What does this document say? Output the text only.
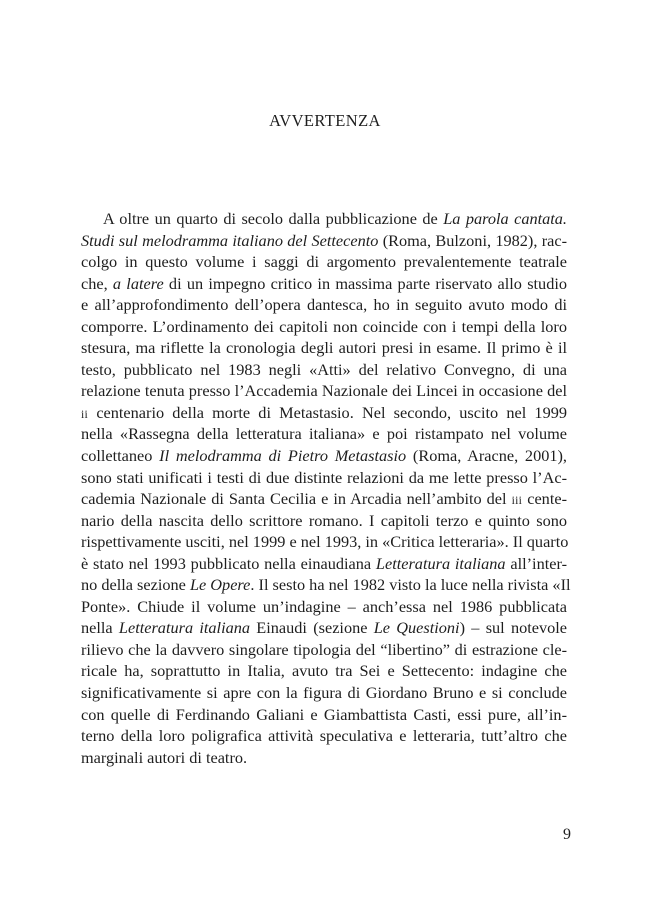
AVVERTENZA
A oltre un quarto di secolo dalla pubblicazione de La parola cantata.
Studi sul melodramma italiano del Settecento (Roma, Bulzoni, 1982), rac-
colgo in questo volume i saggi di argomento prevalentemente teatrale
che, a latere di un impegno critico in massima parte riservato allo studio
e all’approfondimento dell’opera dantesca, ho in seguito avuto modo di
comporre. L’ordinamento dei capitoli non coincide con i tempi della loro
stesura, ma riflette la cronologia degli autori presi in esame. Il primo è il
testo, pubblicato nel 1983 negli «Atti» del relativo Convegno, di una
relazione tenuta presso l’Accademia Nazionale dei Lincei in occasione del
ii centenario della morte di Metastasio. Nel secondo, uscito nel 1999
nella «Rassegna della letteratura italiana» e poi ristampato nel volume
collettaneo Il melodramma di Pietro Metastasio (Roma, Aracne, 2001),
sono stati unificati i testi di due distinte relazioni da me lette presso l’Ac-
cademia Nazionale di Santa Cecilia e in Arcadia nell’ambito del iii cente-
nario della nascita dello scrittore romano. I capitoli terzo e quinto sono
rispettivamente usciti, nel 1999 e nel 1993, in «Critica letteraria». Il quarto
è stato nel 1993 pubblicato nella einaudiana Letteratura italiana all’inter-
no della sezione Le Opere. Il sesto ha nel 1982 visto la luce nella rivista «Il
Ponte». Chiude il volume un’indagine – anch’essa nel 1986 pubblicata
nella Letteratura italiana Einaudi (sezione Le Questioni) – sul notevole
rilievo che la davvero singolare tipologia del “libertino” di estrazione cle-
ricale ha, soprattutto in Italia, avuto tra Sei e Settecento: indagine che
significativamente si apre con la figura di Giordano Bruno e si conclude
con quelle di Ferdinando Galiani e Giambattista Casti, essi pure, all’in-
terno della loro poligrafica attività speculativa e letteraria, tutt’altro che
marginali autori di teatro.
9
